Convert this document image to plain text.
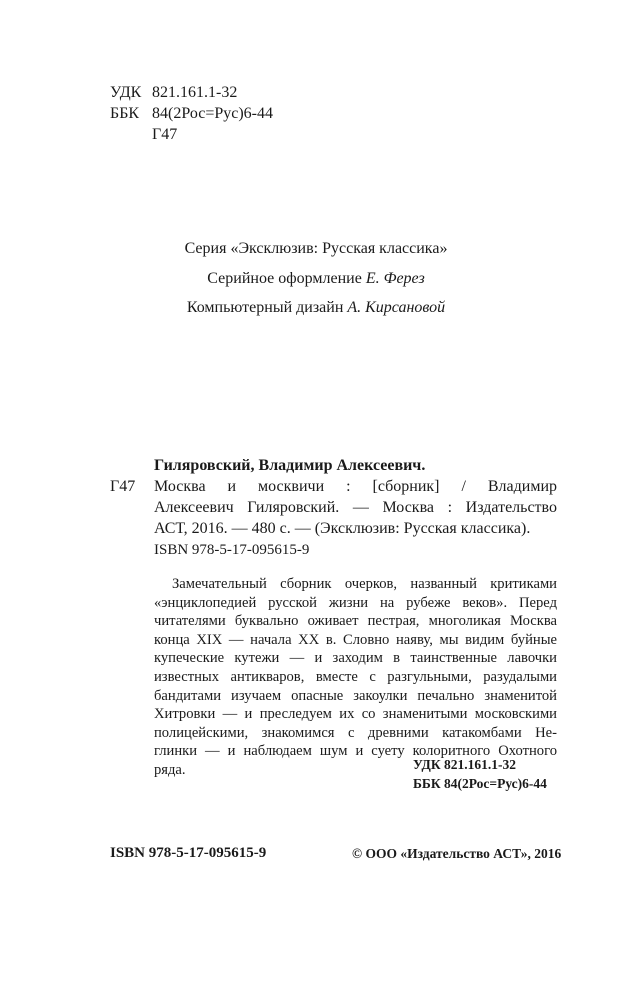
УДК 821.161.1-32
ББК 84(2Рос=Рус)6-44
Г47
Серия «Эксклюзив: Русская классика»
Серийное оформление Е. Ферез
Компьютерный дизайн А. Кирсановой
Гиляровский, Владимир Алексеевич.
Г47 Москва и москвичи : [сборник] / Владимир
Алексеевич Гиляровский. — Москва : Издательство
АСТ, 2016. — 480 с. — (Эксклюзив: Русская классика).
ISBN 978-5-17-095615-9
Замечательный сборник очерков, названный критиками
«энциклопедией русской жизни на рубеже веков». Перед
читателями буквально оживает пестрая, многоликая Москва
конца XIX — начала XX в. Словно наяву, мы видим буйные
купеческие кутежи — и заходим в таинственные лавочки
известных антикваров, вместе с разгульными, разудалыми
бандитами изучаем опасные закоулки печально знаменитой
Хитровки — и преследуем их со знаменитыми московскими
полицейскими, знакомимся с древними катакомбами Не-
глинки — и наблюдаем шум и суету колоритного Охотного
ряда.	УДК 821.161.1-32
ББК 84(2Рос=Рус)6-44
ISBN 978-5-17-095615-9	© ООО «Издательство АСТ», 2016
